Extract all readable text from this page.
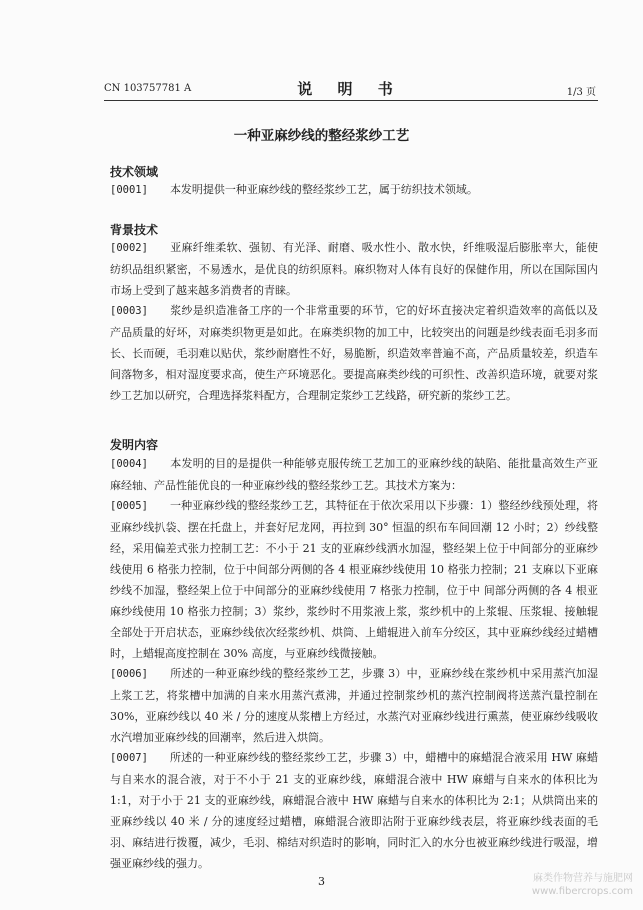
CN 103757781 A	说 明 书	1/3 页
一种亚麻纱线的整经浆纱工艺
技术领域
[0001]   本发明提供一种亚麻纱线的整经浆纱工艺，属于纺织技术领域。
背景技术
[0002]   亚麻纤维柔软、强韧、有光泽、耐磨、吸水性小、散水快，纤维吸湿后膨胀率大，能使纺织品组织紧密，不易透水，是优良的纺织原料。麻织物对人体有良好的保健作用，所以在国际国内市场上受到了越来越多消费者的青睐。
[0003]   浆纱是织造准备工序的一个非常重要的环节，它的好坏直接决定着织造效率的高低以及产品质量的好坏，对麻类织物更是如此。在麻类织物的加工中，比较突出的问题是纱线表面毛羽多而长、长而硬，毛羽难以贴伏，浆纱耐磨性不好，易脆断，织造效率普遍不高，产品质量较差，织造车间落物多，相对湿度要求高，使生产环境恶化。要提高麻类纱线的可织性、改善织造环境，就要对浆纱工艺加以研究，合理选择浆料配方，合理制定浆纱工艺线路，研究新的浆纱工艺。
发明内容
[0004]   本发明的目的是提供一种能够克服传统工艺加工的亚麻纱线的缺陷、能批量高效生产亚麻经轴、产品性能优良的一种亚麻纱线的整经浆纱工艺。其技术方案为：
[0005]   一种亚麻纱线的整经浆纱工艺，其特征在于依次采用以下步骤：1）整经纱线预处理，将亚麻纱线扒袋、摆在托盘上，并套好尼龙网，再拉到 30° 恒温的织布车间回潮 12 小时；2）纱线整经，采用偏差式张力控制工艺：不小于 21 支的亚麻纱线洒水加湿，整经架上位于中间部分的亚麻纱线使用 6 格张力控制，位于中间部分两侧的各 4 根亚麻纱线使用 10 格张力控制；21 支麻以下亚麻纱线不加湿，整经架上位于中间部分的亚麻纱线使用 7 格张力控制，位于中 间部分两侧的各 4 根亚麻纱线使用 10 格张力控制；3）浆纱，浆纱时不用浆液上浆，浆纱机中的上浆辊、压浆辊、接触辊全部处于开启状态，亚麻纱线依次经浆纱机、烘筒、上蜡辊进入前车分绞区，其中亚麻纱线经过蜡槽时，上蜡辊高度控制在 30% 高度，与亚麻纱线微接触。
[0006]   所述的一种亚麻纱线的整经浆纱工艺，步骤 3）中，亚麻纱线在浆纱机中采用蒸汽加湿上浆工艺，将浆槽中加满的自来水用蒸汽煮沸，并通过控制浆纱机的蒸汽控制阀将送蒸汽量控制在 30%，亚麻纱线以 40 米 / 分的速度从浆槽上方经过，水蒸汽对亚麻纱线进行熏蒸，使亚麻纱线吸收水汽增加亚麻纱线的回潮率，然后进入烘筒。
[0007]   所述的一种亚麻纱线的整经浆纱工艺，步骤 3）中，蜡槽中的麻蜡混合液采用 HW 麻蜡与自来水的混合液，对于不小于 21 支的亚麻纱线，麻蜡混合液中 HW 麻蜡与自来水的体积比为 1:1，对于小于 21 支的亚麻纱线，麻蜡混合液中 HW 麻蜡与自来水的体积比为 2:1；从烘筒出来的亚麻纱线以 40 米 / 分的速度经过蜡槽，麻蜡混合液即沾附于亚麻纱线表层，将亚麻纱线表面的毛羽、麻结进行拨覆，减少，毛羽、棉结对织造时的影响，同时汇入的水分也被亚麻纱线进行吸湿，增强亚麻纱线的强力。
3	麻类作物营养与施肥网
www.fibercrops.com
